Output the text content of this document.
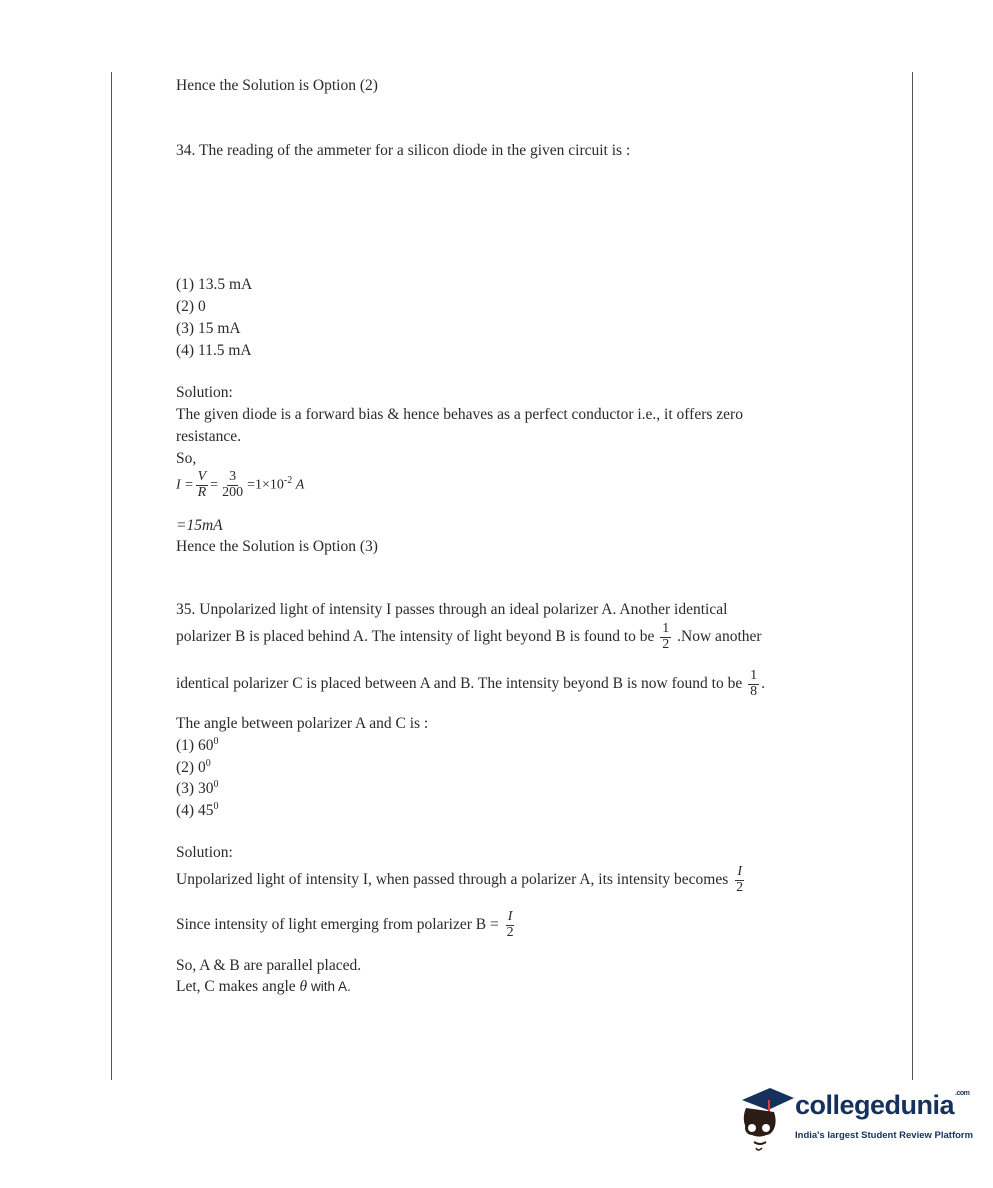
Hence the Solution is Option (2)
34. The reading of the ammeter for a silicon diode in the given circuit is :
(1) 13.5 mA
(2) 0
(3) 15 mA
(4) 11.5 mA
Solution:
The given diode is a forward bias & hence behaves as a perfect conductor i.e., it offers zero
resistance.
So,
$I = \frac{V}{R} = \frac{3}{200} =1\times 10^{-2}$ A
=15mA
Hence the Solution is Option (3)
35. Unpolarized light of intensity I passes through an ideal polarizer A. Another identical
polarizer B is placed behind A. The intensity of light beyond B is found to be $\frac{1}{2} .Now$ another
identical polarizer C is placed between A and B. The intensity beyond B is now found to be $\frac{1}{8}$ .
The angle between polarizer A and C is :
(1) $60^0$
(2) $0^0$
(3) $30^0$
(4) $45^0$
Solution:
Unpolarized light of intensity I, when passed through a polarizer A, its intensity becomes $\frac{I}{2}$
Since intensity of light emerging from polarizer $B = \frac{I}{2}$
So, A & B are parallel placed.
Let, C makes angle θ with A.
collegedunia$^{.com}$
India's largest Student Review Platform
